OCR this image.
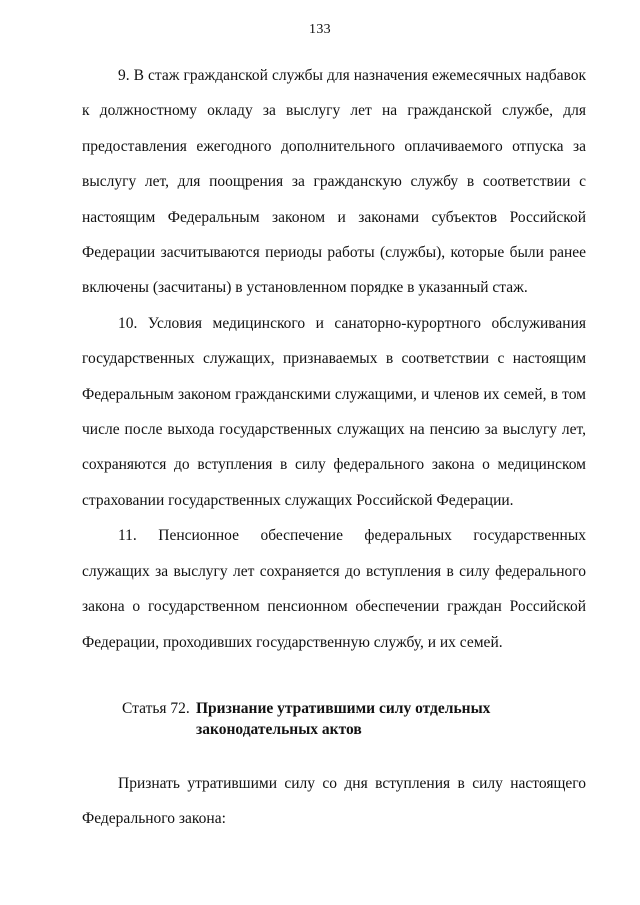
133

9. В стаж гражданской службы для назначения ежемесячных надбавок к должностному окладу за выслугу лет на гражданской службе, для предоставления ежегодного дополнительного оплачиваемого отпуска за выслугу лет, для поощрения за гражданскую службу в соответствии с настоящим Федеральным законом и законами субъектов Российской Федерации засчитываются периоды работы (службы), которые были ранее включены (засчитаны) в установленном порядке в указанный стаж.

10. Условия медицинского и санаторно-курортного обслуживания государственных служащих, признаваемых в соответствии с настоящим Федеральным законом гражданскими служащими, и членов их семей, в том числе после выхода государственных служащих на пенсию за выслугу лет, сохраняются до вступления в силу федерального закона о медицинском страховании государственных служащих Российской Федерации.

11. Пенсионное обеспечение федеральных государственных служащих за выслугу лет сохраняется до вступления в силу федерального закона о государственном пенсионном обеспечении граждан Российской Федерации, проходивших государственную службу, и их семей.

Статья 72. Признание утратившими силу отдельных
законодательных актов

Признать утратившими силу со дня вступления в силу настоящего Федерального закона:
